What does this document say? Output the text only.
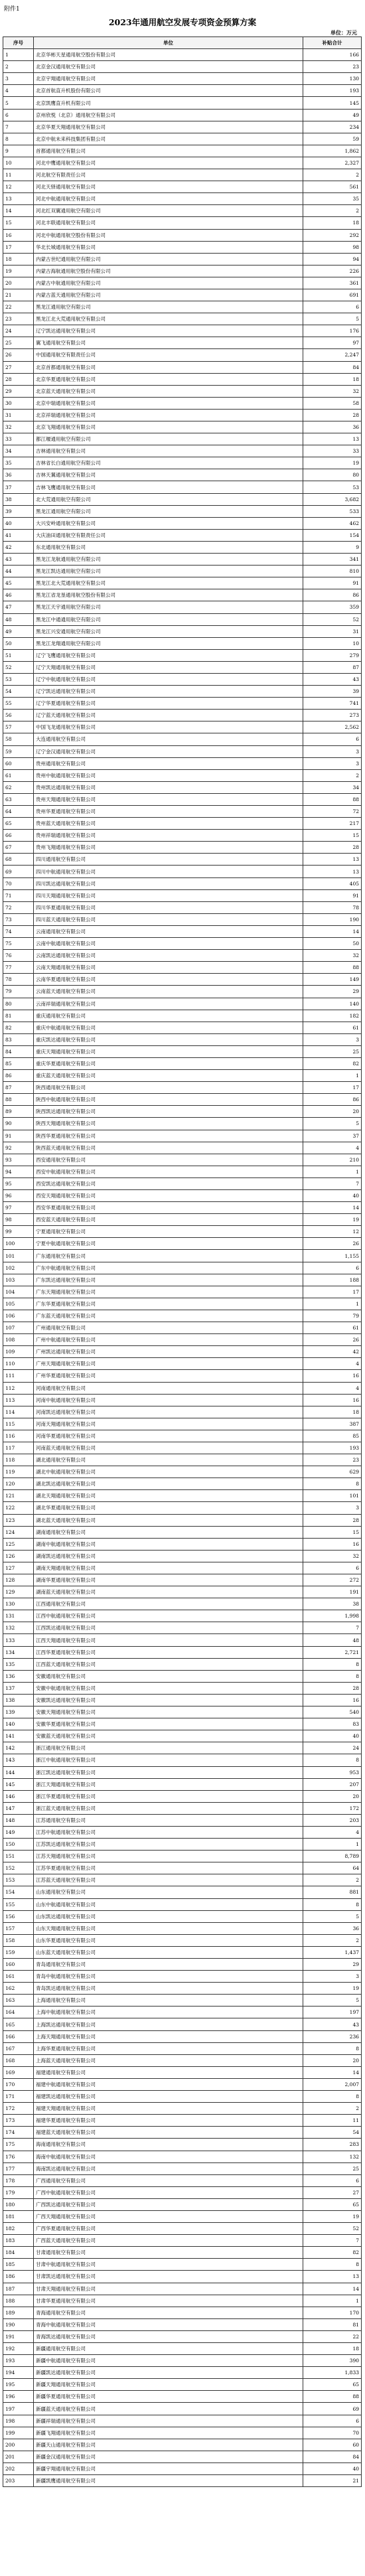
附件1
2023年通用航空发展专项资金预算方案
单位：万元
序号	单位	补贴合计
1	北京华彬天星通用航空股份有限公司	166
2	北京金汉通用航空有限公司	23
3	北京宇翔通用航空有限公司	130
4	北京首航直升机股份有限公司	193
5	北京凯鹰直升机有限公司	145
6	京州欣悦（北京）通用航空有限公司	49
7	北京华夏天翔通用航空有限公司	234
8	北京中航未来科技集团有限公司	59
9	首都通用航空有限公司	1,862
10	河北中鹰通用航空有限公司	2,327
11	河北航空有限责任公司	2
12	河北天驿通用航空有限公司	561
13	河北中航通用航空有限公司	35
14	河北红双翼通用航空有限公司	2
15	河北丰联通用航空有限公司	18
16	河北中航通用航空股份有限公司	292
17	华北长城通用航空有限公司	98
18	内蒙古世纪通用航空有限公司	94
19	内蒙古海航通用航空股份有限公司	226
20	内蒙古中航通用航空有限公司	361
21	内蒙古蓝天通用航空有限公司	691
22	黑龙江通用航空有限公司	6
23	黑龙江北大荒通用航空有限公司	5
24	辽宁凯达通用航空有限公司	176
25	翼飞通用航空有限公司	97
26	中国通用航空有限责任公司	2,247
27	北京首都通用航空有限公司	84
28	北京华夏通用航空有限公司	18
29	北京蓝天通用航空有限公司	32
30	北京中瑞通用航空有限公司	58
31	北京祥瑞通用航空有限公司	28
32	北京飞翔通用航空有限公司	36
33	都江堰通用航空有限公司	13
34	吉林通用航空有限公司	33
35	吉林省长白通用航空有限公司	19
36	吉林天翼通用航空有限公司	80
37	吉林飞鹰通用航空有限公司	53
38	北大荒通用航空有限公司	3,682
39	黑龙江通用航空有限公司	533
40	大兴安岭通用航空有限公司	462
41	大庆油田通用航空有限责任公司	154
42	东北通用航空有限公司	9
43	黑龙江龙航通用航空有限公司	341
44	黑龙江凯达通用航空有限公司	810
45	黑龙江北大荒通用航空有限公司	91
46	黑龙江省龙垦通用航空股份有限公司	86
47	黑龙江天宇通用航空有限公司	359
48	黑龙江中通通用航空有限公司	52
49	黑龙江兴安通用航空有限公司	31
50	黑龙江龙翔通用航空有限公司	10
51	辽宁飞鹰通用航空有限公司	279
52	辽宁天翔通用航空有限公司	87
53	辽宁中航通用航空有限公司	43
54	辽宁凯达通用航空有限公司	39
55	辽宁华夏通用航空有限公司	741
56	辽宁蓝天通用航空有限公司	273
57	中国飞龙通用航空有限公司	2,562
58	大连通用航空有限公司	6
59	辽宁金汉通用航空有限公司	3
60	贵州通用航空有限公司	3
61	贵州中航通用航空有限公司	2
62	贵州凯达通用航空有限公司	34
63	贵州天翔通用航空有限公司	88
64	贵州华夏通用航空有限公司	72
65	贵州蓝天通用航空有限公司	217
66	贵州祥瑞通用航空有限公司	15
67	贵州飞翔通用航空有限公司	28
68	四川通用航空有限公司	13
69	四川中航通用航空有限公司	13
70	四川凯达通用航空有限公司	405
71	四川天翔通用航空有限公司	91
72	四川华夏通用航空有限公司	78
73	四川蓝天通用航空有限公司	190
74	云南通用航空有限公司	14
75	云南中航通用航空有限公司	50
76	云南凯达通用航空有限公司	32
77	云南天翔通用航空有限公司	88
78	云南华夏通用航空有限公司	149
79	云南蓝天通用航空有限公司	29
80	云南祥瑞通用航空有限公司	140
81	重庆通用航空有限公司	182
82	重庆中航通用航空有限公司	61
83	重庆凯达通用航空有限公司	3
84	重庆天翔通用航空有限公司	25
85	重庆华夏通用航空有限公司	82
86	重庆蓝天通用航空有限公司	1
87	陕西通用航空有限公司	17
88	陕西中航通用航空有限公司	86
89	陕西凯达通用航空有限公司	20
90	陕西天翔通用航空有限公司	5
91	陕西华夏通用航空有限公司	37
92	陕西蓝天通用航空有限公司	4
93	西安通用航空有限公司	210
94	西安中航通用航空有限公司	1
95	西安凯达通用航空有限公司	7
96	西安天翔通用航空有限公司	40
97	西安华夏通用航空有限公司	14
98	西安蓝天通用航空有限公司	19
99	宁夏通用航空有限公司	12
100	宁夏中航通用航空有限公司	26
101	广东通用航空有限公司	1,155
102	广东中航通用航空有限公司	6
103	广东凯达通用航空有限公司	188
104	广东天翔通用航空有限公司	17
105	广东华夏通用航空有限公司	1
106	广东蓝天通用航空有限公司	79
107	广州通用航空有限公司	61
108	广州中航通用航空有限公司	26
109	广州凯达通用航空有限公司	42
110	广州天翔通用航空有限公司	4
111	广州华夏通用航空有限公司	16
112	河南通用航空有限公司	4
113	河南中航通用航空有限公司	16
114	河南凯达通用航空有限公司	18
115	河南天翔通用航空有限公司	387
116	河南华夏通用航空有限公司	85
117	河南蓝天通用航空有限公司	193
118	湖北通用航空有限公司	23
119	湖北中航通用航空有限公司	629
120	湖北凯达通用航空有限公司	8
121	湖北天翔通用航空有限公司	101
122	湖北华夏通用航空有限公司	3
123	湖北蓝天通用航空有限公司	28
124	湖南通用航空有限公司	15
125	湖南中航通用航空有限公司	16
126	湖南凯达通用航空有限公司	32
127	湖南天翔通用航空有限公司	6
128	湖南华夏通用航空有限公司	272
129	湖南蓝天通用航空有限公司	191
130	江西通用航空有限公司	38
131	江西中航通用航空有限公司	1,998
132	江西凯达通用航空有限公司	7
133	江西天翔通用航空有限公司	48
134	江西华夏通用航空有限公司	2,721
135	江西蓝天通用航空有限公司	8
136	安徽通用航空有限公司	8
137	安徽中航通用航空有限公司	28
138	安徽凯达通用航空有限公司	16
139	安徽天翔通用航空有限公司	540
140	安徽华夏通用航空有限公司	83
141	安徽蓝天通用航空有限公司	40
142	浙江通用航空有限公司	24
143	浙江中航通用航空有限公司	8
144	浙江凯达通用航空有限公司	953
145	浙江天翔通用航空有限公司	207
146	浙江华夏通用航空有限公司	20
147	浙江蓝天通用航空有限公司	172
148	江苏通用航空有限公司	203
149	江苏中航通用航空有限公司	4
150	江苏凯达通用航空有限公司	1
151	江苏天翔通用航空有限公司	8,789
152	江苏华夏通用航空有限公司	64
153	江苏蓝天通用航空有限公司	2
154	山东通用航空有限公司	881
155	山东中航通用航空有限公司	8
156	山东凯达通用航空有限公司	5
157	山东天翔通用航空有限公司	36
158	山东华夏通用航空有限公司	2
159	山东蓝天通用航空有限公司	1,437
160	青岛通用航空有限公司	29
161	青岛中航通用航空有限公司	3
162	青岛凯达通用航空有限公司	19
163	上海通用航空有限公司	5
164	上海中航通用航空有限公司	197
165	上海凯达通用航空有限公司	43
166	上海天翔通用航空有限公司	236
167	上海华夏通用航空有限公司	8
168	上海蓝天通用航空有限公司	20
169	福建通用航空有限公司	14
170	福建中航通用航空有限公司	2,007
171	福建凯达通用航空有限公司	8
172	福建天翔通用航空有限公司	2
173	福建华夏通用航空有限公司	11
174	福建蓝天通用航空有限公司	54
175	海南通用航空有限公司	283
176	海南中航通用航空有限公司	132
177	海南凯达通用航空有限公司	25
178	广西通用航空有限公司	6
179	广西中航通用航空有限公司	27
180	广西凯达通用航空有限公司	65
181	广西天翔通用航空有限公司	19
182	广西华夏通用航空有限公司	52
183	广西蓝天通用航空有限公司	7
184	甘肃通用航空有限公司	82
185	甘肃中航通用航空有限公司	8
186	甘肃凯达通用航空有限公司	13
187	甘肃天翔通用航空有限公司	14
188	甘肃华夏通用航空有限公司	1
189	青海通用航空有限公司	170
190	青海中航通用航空有限公司	81
191	青海凯达通用航空有限公司	22
192	新疆通用航空有限公司	18
193	新疆中航通用航空有限公司	390
194	新疆凯达通用航空有限公司	1,833
195	新疆天翔通用航空有限公司	65
196	新疆华夏通用航空有限公司	88
197	新疆蓝天通用航空有限公司	69
198	新疆祥瑞通用航空有限公司	6
199	新疆飞翔通用航空有限公司	70
200	新疆天山通用航空有限公司	60
201	新疆金汉通用航空有限公司	84
202	新疆宇翔通用航空有限公司	40
203	新疆凯鹰通用航空有限公司	21
